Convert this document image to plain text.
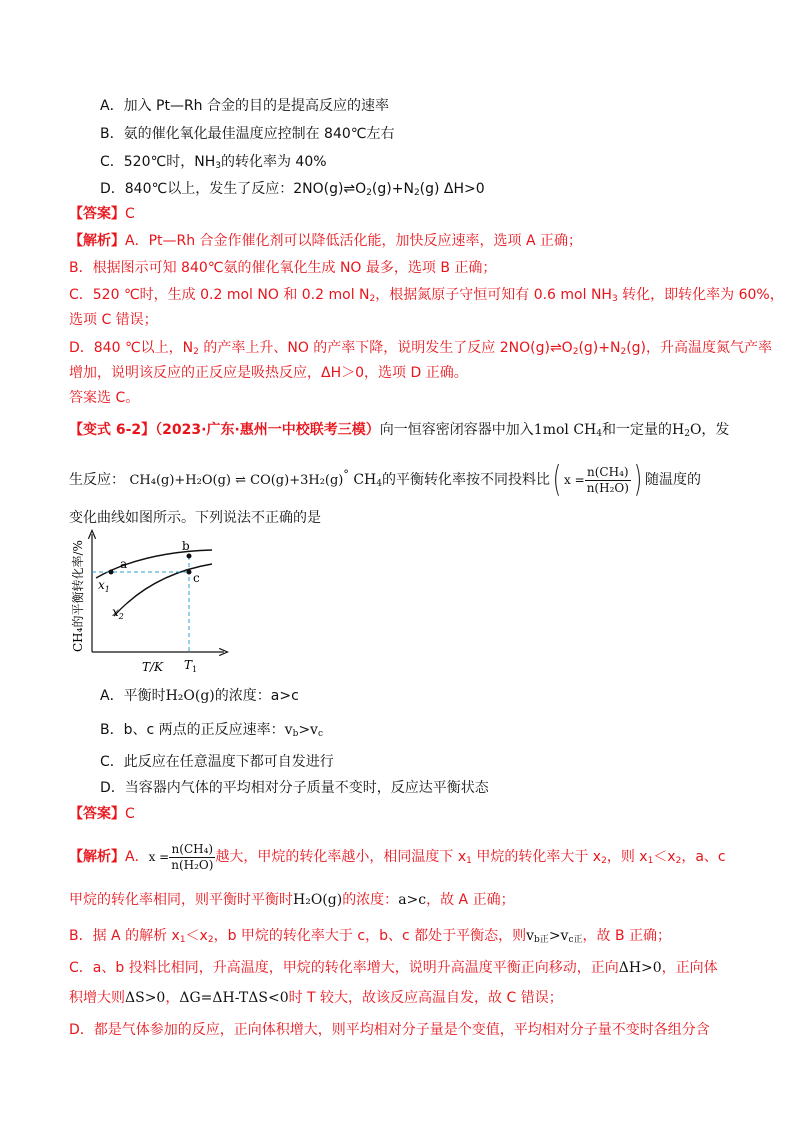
A．加入 Pt—Rh 合金的目的是提高反应的速率
B．氨的催化氧化最佳温度应控制在 840℃左右
C．520℃时，$NH_3$的转化率为 40%
D．840℃以上，发生了反应：$2NO(g)\rightleftharpoons O_2(g)+N_2(g)$ ΔH>0
【答案】C
【解析】A．Pt—Rh 合金作催化剂可以降低活化能，加快反应速率，选项 A 正确；
B．根据图示可知 840℃氨的催化氧化生成 NO 最多，选项 B 正确；
C．520 ℃时，生成 0.2 mol NO 和 0.2 mol $N_2$，根据氮原子守恒可知有 0.6 mol $NH_3$ 转化，即转化率为 60%，
选项 C 错误；
D．840 ℃以上，$N_2$ 的产率上升、NO 的产率下降，说明发生了反应 $2NO(g)\rightleftharpoons O_2(g)+N_2(g)$，升高温度氮气产率
增加，说明该反应的正反应是吸热反应，ΔH＞0，选项 D 正确。
答案选 C。
【变式 6-2】（2023·广东·惠州一中校联考三模）向一恒容密闭容器中加入1mol $CH_4$和一定量的$H_2O$，发
生反应： CH₄(g)+H₂O(g) ⇌ CO(g)+3H₂(g)° $CH_4$的平衡转化率按不同投料比( $x = \frac{\text{n(CH₄)}}{\text{n(H₂O)}}$ ) 随温度的
变化曲线如图所示。下列说法不正确的是
a
b
c
$x_1$
$x_2$
CH₄的平衡转化率/%
T/K $T_1$
A．平衡时H₂O(g)的浓度：a>c
B．b、c 两点的正反应速率：$v_b>v_c$
C．此反应在任意温度下都可自发进行
D．当容器内气体的平均相对分子质量不变时，反应达平衡状态
【答案】C
【解析】A．$x = \frac{\text{n(CH₄)}}{\text{n(H₂O)}}$ 越大，甲烷的转化率越小，相同温度下 $x_1$ 甲烷的转化率大于 $x_2$，则 $x_1<x_2$，a、c
甲烷的转化率相同，则平衡时平衡时H₂O(g)的浓度：a>c，故 A 正确；
B．据 A 的解析 $x_1<x_2$，b 甲烷的转化率大于 c，b、c 都处于平衡态，则$v_{b正}>v_{c正}$，故 B 正确；
C．a、b 投料比相同，升高温度，甲烷的转化率增大，说明升高温度平衡正向移动，正向ΔH>0，正向体
积增大则ΔS>0，ΔG=ΔH-TΔS<0时 T 较大，故该反应高温自发，故 C 错误；
D．都是气体参加的反应，正向体积增大，则平均相对分子量是个变值，平均相对分子量不变时各组分含
